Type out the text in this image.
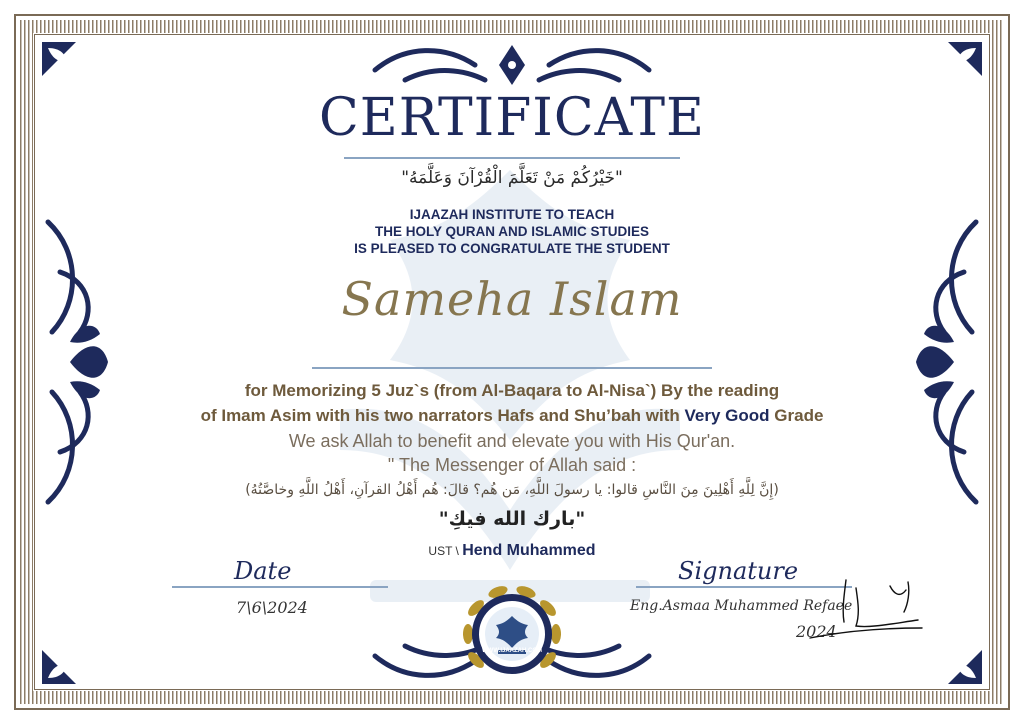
CERTIFICATE
"خَيْرُكُمْ مَنْ تَعَلَّمَ الْقُرْآنَ وَعَلَّمَهُ"
IJAAZAH INSTITUTE TO TEACH
THE HOLY QURAN AND ISLAMIC STUDIES
IS PLEASED TO CONGRATULATE THE STUDENT
Sameha Islam
for Memorizing 5 Juz`s (from Al-Baqara to Al-Nisa`) By the reading
of Imam Asim with his two narrators Hafs and Shu’bah with Very Good Grade
We ask Allah to benefit and elevate you with His Qur'an.
" The Messenger of Allah said :
(إِنَّ لِلَّهِ أَهْلِينَ مِنَ النَّاسِ قالوا: يا رسولَ اللَّهِ، مَن هُم؟ قالَ: هُم أَهْلُ القرآنِ، أَهْلُ اللَّهِ وخاصَّتُهُ)
"بارك الله فيكِ"
UST \ Hend Muhammed
Date
7\6\2024
Signature
Eng.Asmaa Muhammed Refaee
2024
WWW.IJAAZAH.COM
